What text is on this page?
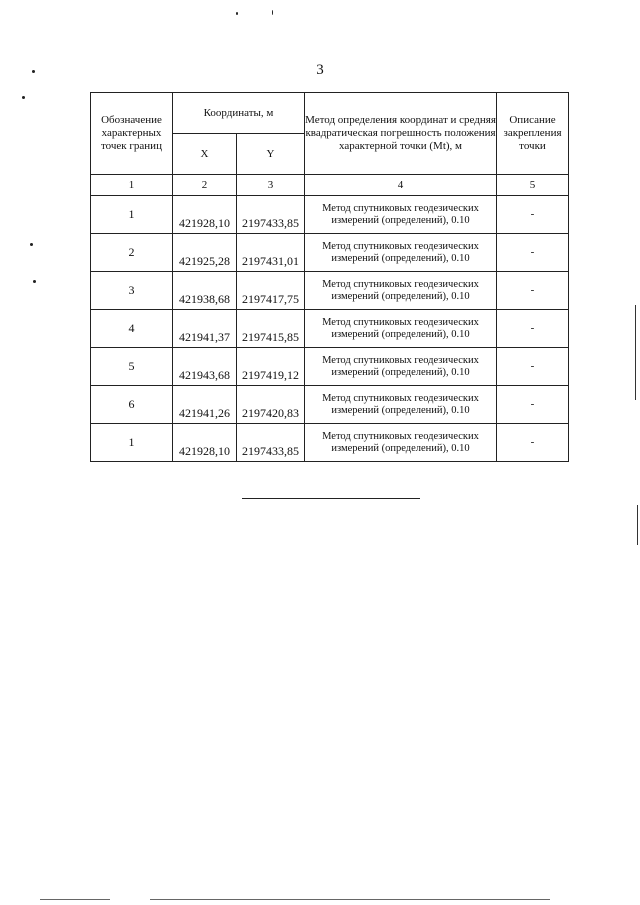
3
Обозначение характерных точек границ	Координаты, м		Метод определения координат и средняя квадратическая погрешность положения характерной точки (Mt), м	Описание закрепления точки
	X	Y		
1	2	3	4	5
1	421928,10	2197433,85	Метод спутниковых геодезических измерений (определений), 0.10	-
2	421925,28	2197431,01	Метод спутниковых геодезических измерений (определений), 0.10	-
3	421938,68	2197417,75	Метод спутниковых геодезических измерений (определений), 0.10	-
4	421941,37	2197415,85	Метод спутниковых геодезических измерений (определений), 0.10	-
5	421943,68	2197419,12	Метод спутниковых геодезических измерений (определений), 0.10	-
6	421941,26	2197420,83	Метод спутниковых геодезических измерений (определений), 0.10	-
1	421928,10	2197433,85	Метод спутниковых геодезических измерений (определений), 0.10	-
